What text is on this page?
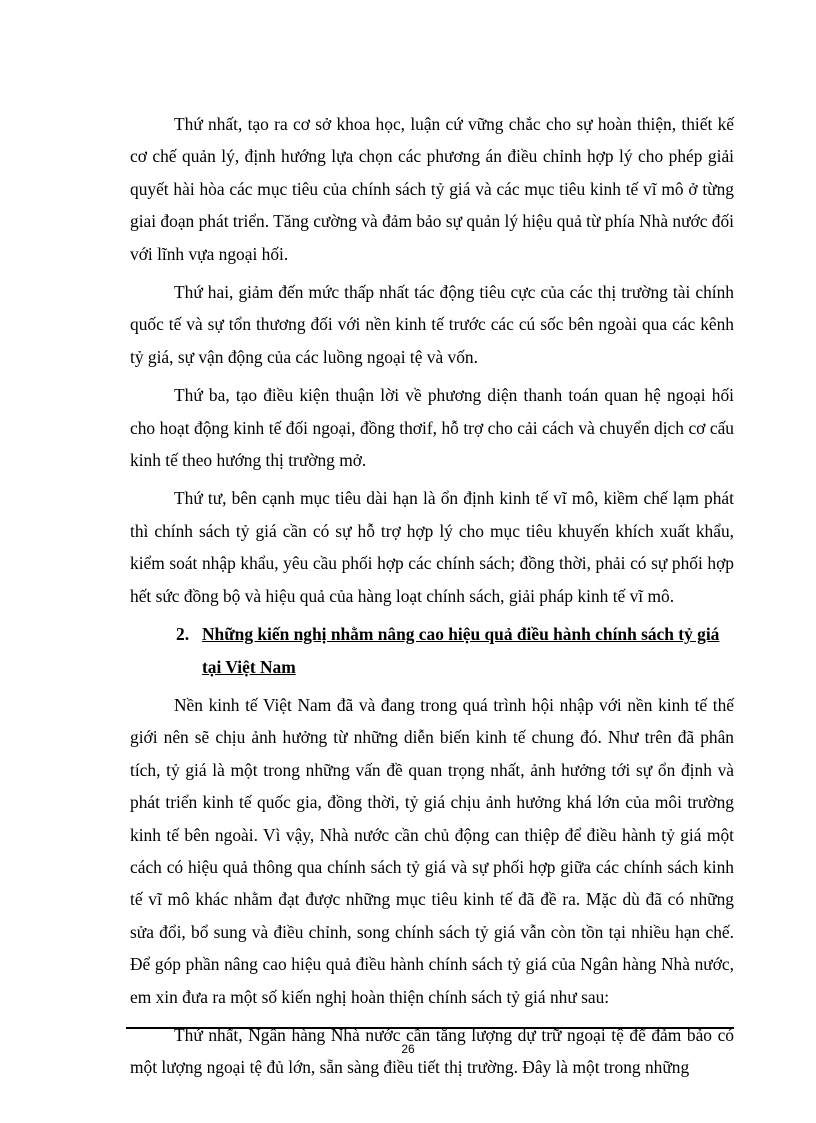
Thứ nhất, tạo ra cơ sở khoa học, luận cứ vững chắc cho sự hoàn thiện, thiết kế cơ chế quản lý, định hướng lựa chọn các phương án điều chỉnh hợp lý cho phép giải quyết hài hòa các mục tiêu của chính sách tỷ giá và các mục tiêu kinh tế vĩ mô ở từng giai đoạn phát triển. Tăng cường và đảm bảo sự quản lý hiệu quả từ phía Nhà nước đối với lĩnh vựa ngoại hối.

Thứ hai, giảm đến mức thấp nhất tác động tiêu cực của các thị trường tài chính quốc tế và sự tổn thương đối với nền kinh tế trước các cú sốc bên ngoài qua các kênh tỷ giá, sự vận động của các luồng ngoại tệ và vốn.

Thứ ba, tạo điều kiện thuận lời về phương diện thanh toán quan hệ ngoại hối cho hoạt động kinh tế đối ngoại, đồng thơif, hỗ trợ cho cải cách và chuyển dịch cơ cấu kinh tế theo hướng thị trường mở.

Thứ tư, bên cạnh mục tiêu dài hạn là ổn định kinh tế vĩ mô, kiềm chế lạm phát thì chính sách tỷ giá cần có sự hỗ trợ hợp lý cho mục tiêu khuyến khích xuất khẩu, kiểm soát nhập khẩu, yêu cầu phối hợp các chính sách; đồng thời, phải có sự phối hợp hết sức đồng bộ và hiệu quả của hàng loạt chính sách, giải pháp kinh tế vĩ mô.

2. Những kiến nghị nhằm nâng cao hiệu quả điều hành chính sách tỷ giá tại Việt Nam

Nền kinh tế Việt Nam đã và đang trong quá trình hội nhập với nền kinh tế thế giới nên sẽ chịu ảnh hưởng từ những diễn biến kinh tế chung đó. Như trên đã phân tích, tỷ giá là một trong những vấn đề quan trọng nhất, ảnh hưởng tới sự ổn định và phát triển kinh tế quốc gia, đồng thời, tỷ giá chịu ảnh hưởng khá lớn của môi trường kinh tế bên ngoài. Vì vậy, Nhà nước cần chủ động can thiệp để điều hành tỷ giá một cách có hiệu quả thông qua chính sách tỷ giá và sự phối hợp giữa các chính sách kinh tế vĩ mô khác nhằm đạt được những mục tiêu kinh tế đã đề ra. Mặc dù đã có những sửa đổi, bổ sung và điều chỉnh, song chính sách tỷ giá vẫn còn tồn tại nhiều hạn chế. Để góp phần nâng cao hiệu quả điều hành chính sách tỷ giá của Ngân hàng Nhà nước, em xin đưa ra một số kiến nghị hoàn thiện chính sách tỷ giá như sau:

Thứ nhất, Ngân hàng Nhà nước cần tăng lượng dự trữ ngoại tệ để đảm bảo có một lượng ngoại tệ đủ lớn, sẵn sàng điều tiết thị trường. Đây là một trong những

26
